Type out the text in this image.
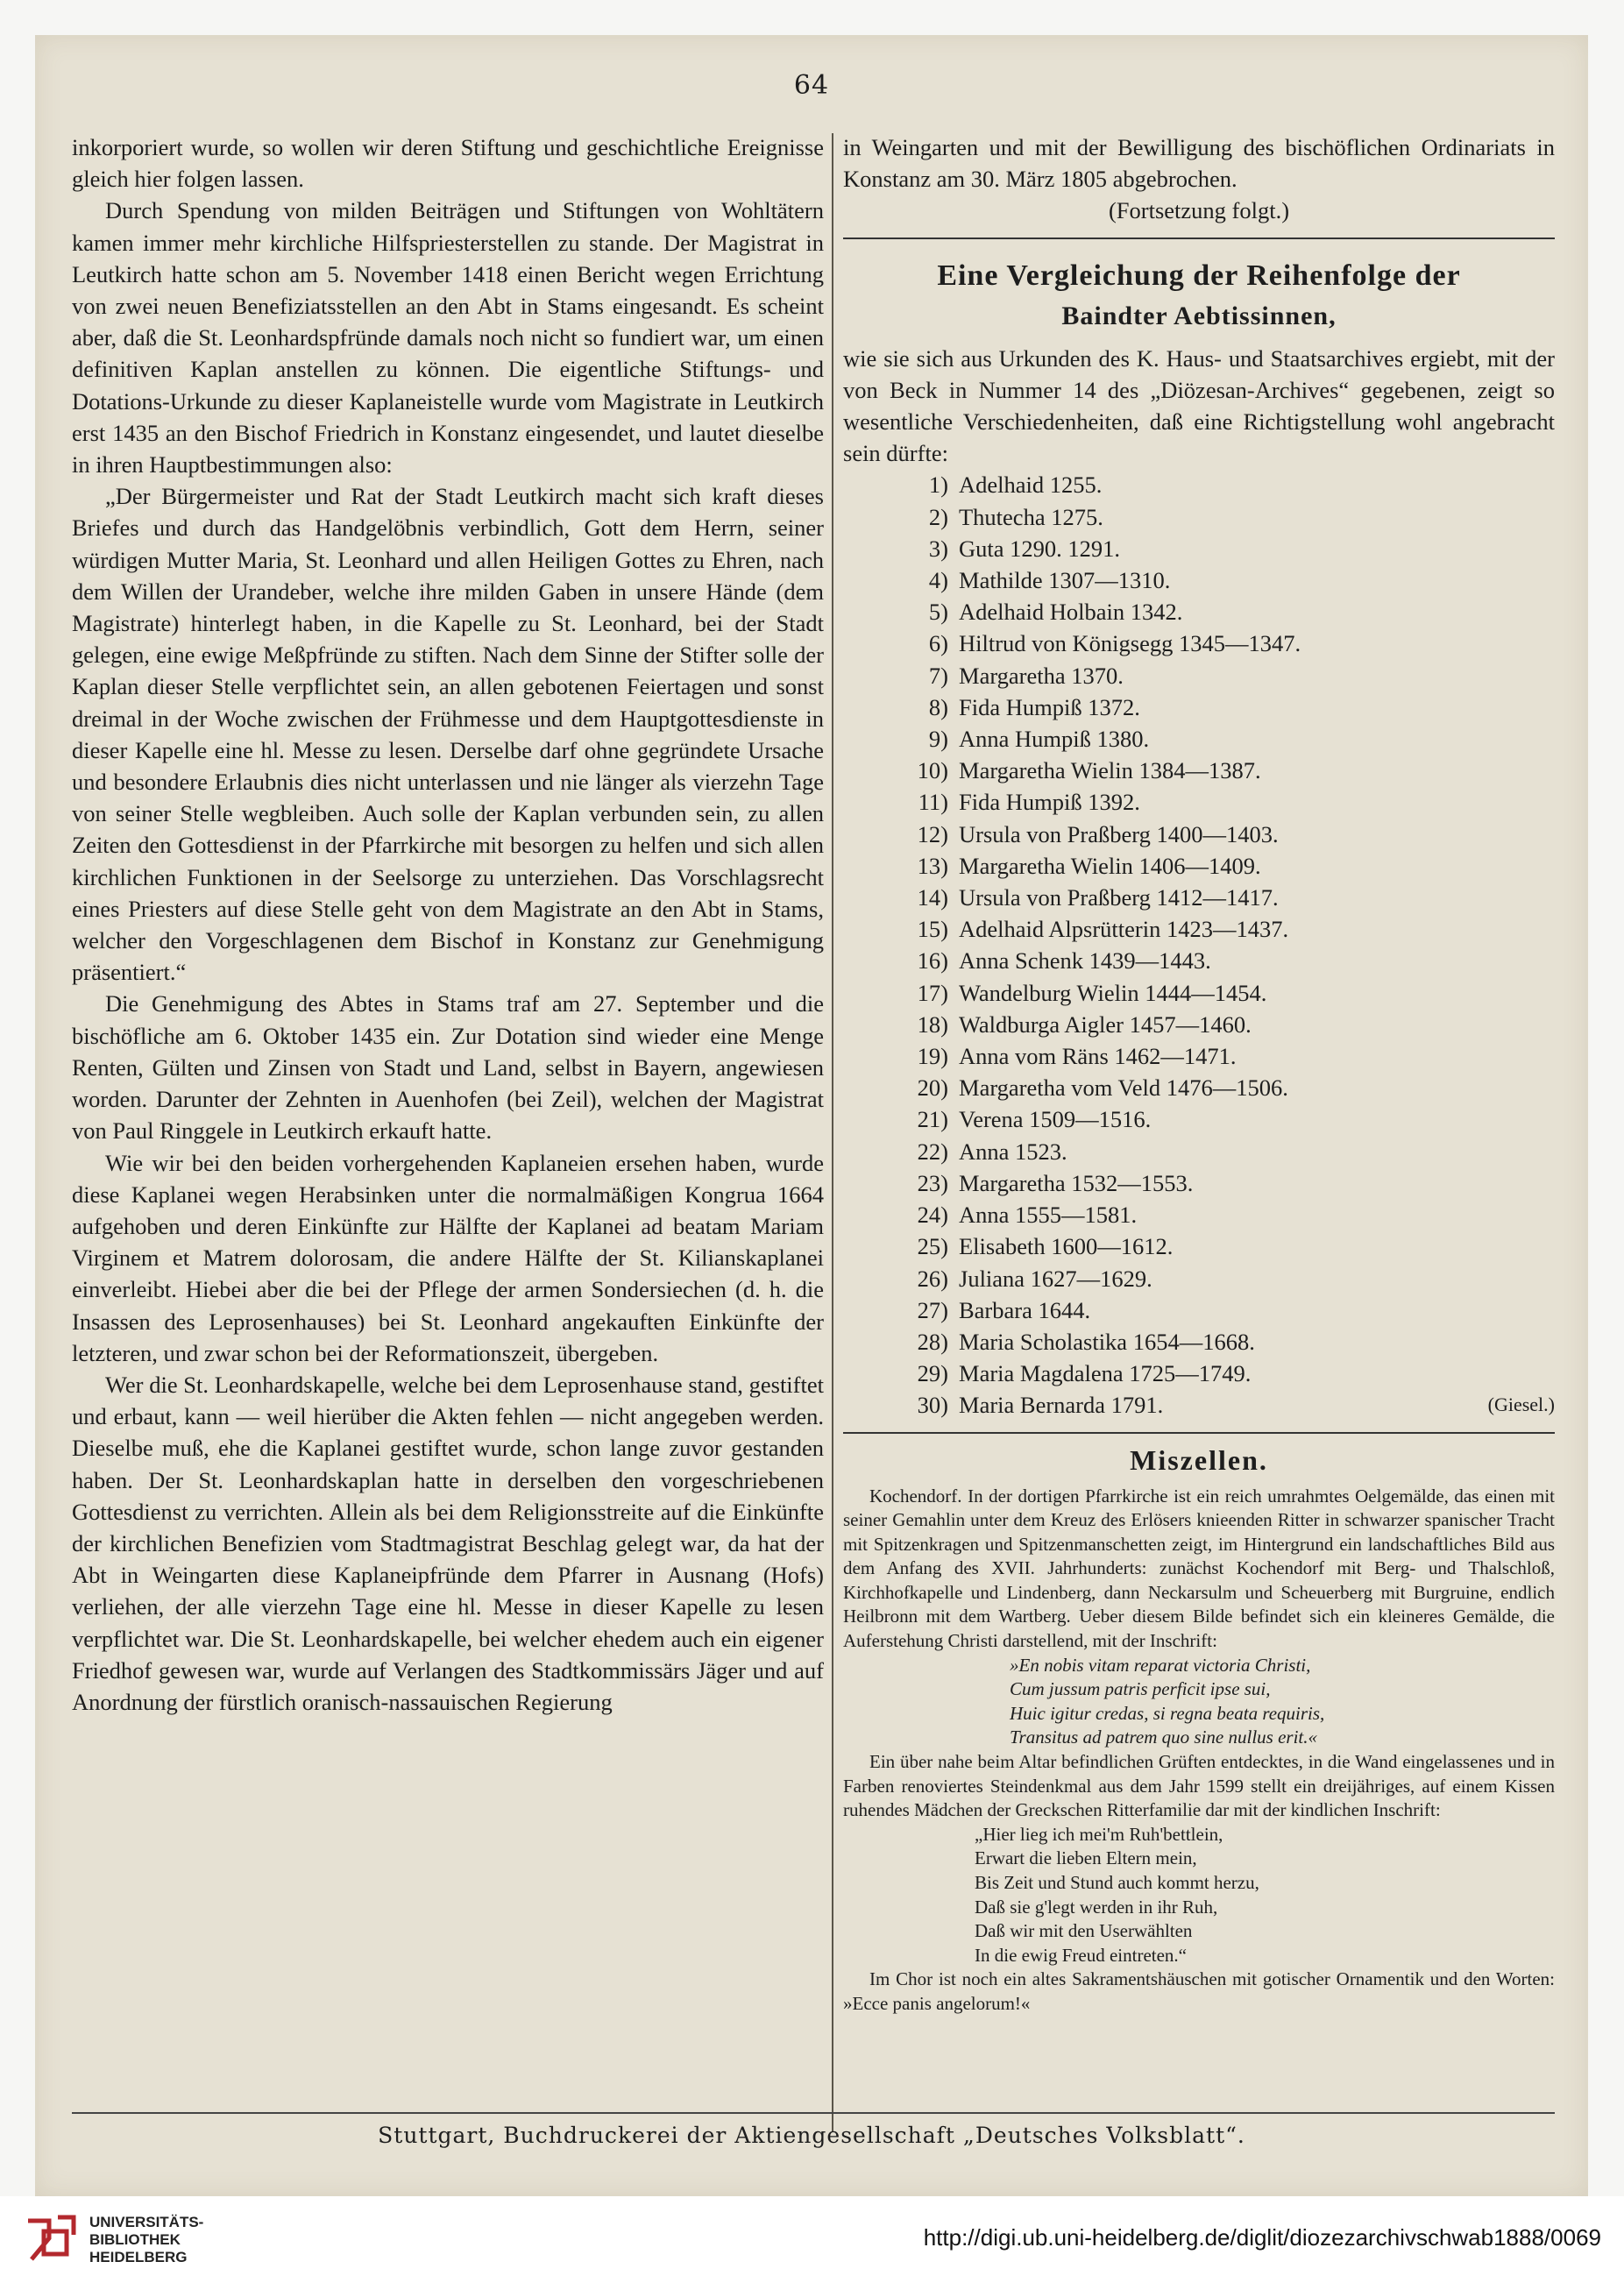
64

inkorporiert wurde, so wollen wir deren Stiftung und geschichtliche Ereignisse gleich hier folgen lassen.

Durch Spendung von milden Beiträgen und Stiftungen von Wohltätern kamen immer mehr kirchliche Hilfspriesterstellen zu stande. Der Magistrat in Leutkirch hatte schon am 5. November 1418 einen Bericht wegen Errichtung von zwei neuen Benefiziatsstellen an den Abt in Stams eingesandt. Es scheint aber, daß die St. Leonhardspfründe damals noch nicht so fundiert war, um einen definitiven Kaplan anstellen zu können. Die eigentliche Stiftungs- und Dotations-Urkunde zu dieser Kaplaneistelle wurde vom Magistrate in Leutkirch erst 1435 an den Bischof Friedrich in Konstanz eingesendet, und lautet dieselbe in ihren Hauptbestimmungen also:

„Der Bürgermeister und Rat der Stadt Leutkirch macht sich kraft dieses Briefes und durch das Handgelöbnis verbindlich, Gott dem Herrn, seiner würdigen Mutter Maria, St. Leonhard und allen Heiligen Gottes zu Ehren, nach dem Willen der Urandeber, welche ihre milden Gaben in unsere Hände (dem Magistrate) hinterlegt haben, in die Kapelle zu St. Leonhard, bei der Stadt gelegen, eine ewige Meßpfründe zu stiften. Nach dem Sinne der Stifter solle der Kaplan dieser Stelle verpflichtet sein, an allen gebotenen Feiertagen und sonst dreimal in der Woche zwischen der Frühmesse und dem Hauptgottesdienste in dieser Kapelle eine hl. Messe zu lesen. Derselbe darf ohne gegründete Ursache und besondere Erlaubnis dies nicht unterlassen und nie länger als vierzehn Tage von seiner Stelle wegbleiben. Auch solle der Kaplan verbunden sein, zu allen Zeiten den Gottesdienst in der Pfarrkirche mit besorgen zu helfen und sich allen kirchlichen Funktionen in der Seelsorge zu unterziehen. Das Vorschlagsrecht eines Priesters auf diese Stelle geht von dem Magistrate an den Abt in Stams, welcher den Vorgeschlagenen dem Bischof in Konstanz zur Genehmigung präsentiert.“

Die Genehmigung des Abtes in Stams traf am 27. September und die bischöfliche am 6. Oktober 1435 ein. Zur Dotation sind wieder eine Menge Renten, Gülten und Zinsen von Stadt und Land, selbst in Bayern, angewiesen worden. Darunter der Zehnten in Auenhofen (bei Zeil), welchen der Magistrat von Paul Ringgele in Leutkirch erkauft hatte.

Wie wir bei den beiden vorhergehenden Kaplaneien ersehen haben, wurde diese Kaplanei wegen Herabsinken unter die normalmäßigen Kongrua 1664 aufgehoben und deren Einkünfte zur Hälfte der Kaplanei ad beatam Mariam Virginem et Matrem dolorosam, die andere Hälfte der St. Kilianskaplanei einverleibt. Hiebei aber die bei der Pflege der armen Sondersiechen (d. h. die Insassen des Leprosenhauses) bei St. Leonhard angekauften Einkünfte der letzteren, und zwar schon bei der Reformationszeit, übergeben.

Wer die St. Leonhardskapelle, welche bei dem Leprosenhause stand, gestiftet und erbaut, kann — weil hierüber die Akten fehlen — nicht angegeben werden. Dieselbe muß, ehe die Kaplanei gestiftet wurde, schon lange zuvor gestanden haben. Der St. Leonhardskaplan hatte in derselben den vorgeschriebenen Gottesdienst zu verrichten. Allein als bei dem Religionsstreite auf die Einkünfte der kirchlichen Benefizien vom Stadtmagistrat Beschlag gelegt war, da hat der Abt in Weingarten diese Kaplaneipfründe dem Pfarrer in Ausnang (Hofs) verliehen, der alle vierzehn Tage eine hl. Messe in dieser Kapelle zu lesen verpflichtet war. Die St. Leonhardskapelle, bei welcher ehedem auch ein eigener Friedhof gewesen war, wurde auf Verlangen des Stadtkommissärs Jäger und auf Anordnung der fürstlich oranisch-nassauischen Regierung

in Weingarten und mit der Bewilligung des bischöflichen Ordinariats in Konstanz am 30. März 1805 abgebrochen.

(Fortsetzung folgt.)

Eine Vergleichung der Reihenfolge der
Baindter Aebtissinnen,

wie sie sich aus Urkunden des K. Haus- und Staatsarchives ergiebt, mit der von Beck in Nummer 14 des „Diözesan-Archives“ gegebenen, zeigt so wesentliche Verschiedenheiten, daß eine Richtigstellung wohl angebracht sein dürfte:

1) Adelhaid 1255.
2) Thutecha 1275.
3) Guta 1290. 1291.
4) Mathilde 1307—1310.
5) Adelhaid Holbain 1342.
6) Hiltrud von Königsegg 1345—1347.
7) Margaretha 1370.
8) Fida Humpiß 1372.
9) Anna Humpiß 1380.
10) Margaretha Wielin 1384—1387.
11) Fida Humpiß 1392.
12) Ursula von Praßberg 1400—1403.
13) Margaretha Wielin 1406—1409.
14) Ursula von Praßberg 1412—1417.
15) Adelhaid Alpsrütterin 1423—1437.
16) Anna Schenk 1439—1443.
17) Wandelburg Wielin 1444—1454.
18) Waldburga Aigler 1457—1460.
19) Anna vom Räns 1462—1471.
20) Margaretha vom Veld 1476—1506.
21) Verena 1509—1516.
22) Anna 1523.
23) Margaretha 1532—1553.
24) Anna 1555—1581.
25) Elisabeth 1600—1612.
26) Juliana 1627—1629.
27) Barbara 1644.
28) Maria Scholastika 1654—1668.
29) Maria Magdalena 1725—1749.
30) Maria Bernarda 1791.	(Giesel.)
Miszellen.

Kochendorf. In der dortigen Pfarrkirche ist ein reich umrahmtes Oelgemälde, das einen mit seiner Gemahlin unter dem Kreuz des Erlösers knieenden Ritter in schwarzer spanischer Tracht mit Spitzenkragen und Spitzenmanschetten zeigt, im Hintergrund ein landschaftliches Bild aus dem Anfang des XVII. Jahrhunderts: zunächst Kochendorf mit Berg- und Thalschloß, Kirchhofkapelle und Lindenberg, dann Neckarsulm und Scheuerberg mit Burgruine, endlich Heilbronn mit dem Wartberg. Ueber diesem Bilde befindet sich ein kleineres Gemälde, die Auferstehung Christi darstellend, mit der Inschrift:

»En nobis vitam reparat victoria Christi,

Cum jussum patris perficit ipse sui,

Huic igitur credas, si regna beata requiris,

Transitus ad patrem quo sine nullus erit.«

Ein über nahe beim Altar befindlichen Grüften entdecktes, in die Wand eingelassenes und in Farben renoviertes Steindenkmal aus dem Jahr 1599 stellt ein dreijähriges, auf einem Kissen ruhendes Mädchen der Greckschen Ritterfamilie dar mit der kindlichen Inschrift:

„Hier lieg ich mei'm Ruh'bettlein,

Erwart die lieben Eltern mein,

Bis Zeit und Stund auch kommt herzu,

Daß sie g'legt werden in ihr Ruh,

Daß wir mit den Userwählten

In die ewig Freud eintreten.“

Im Chor ist noch ein altes Sakramentshäuschen mit gotischer Ornamentik und den Worten: »Ecce panis angelorum!«

Stuttgart, Buchdruckerei der Aktiengesellschaft „Deutsches Volksblatt“.
UNIVERSITÄTS-
BIBLIOTHEK
HEIDELBERG
http://digi.ub.uni-heidelberg.de/diglit/diozezarchivschwab1888/0069
